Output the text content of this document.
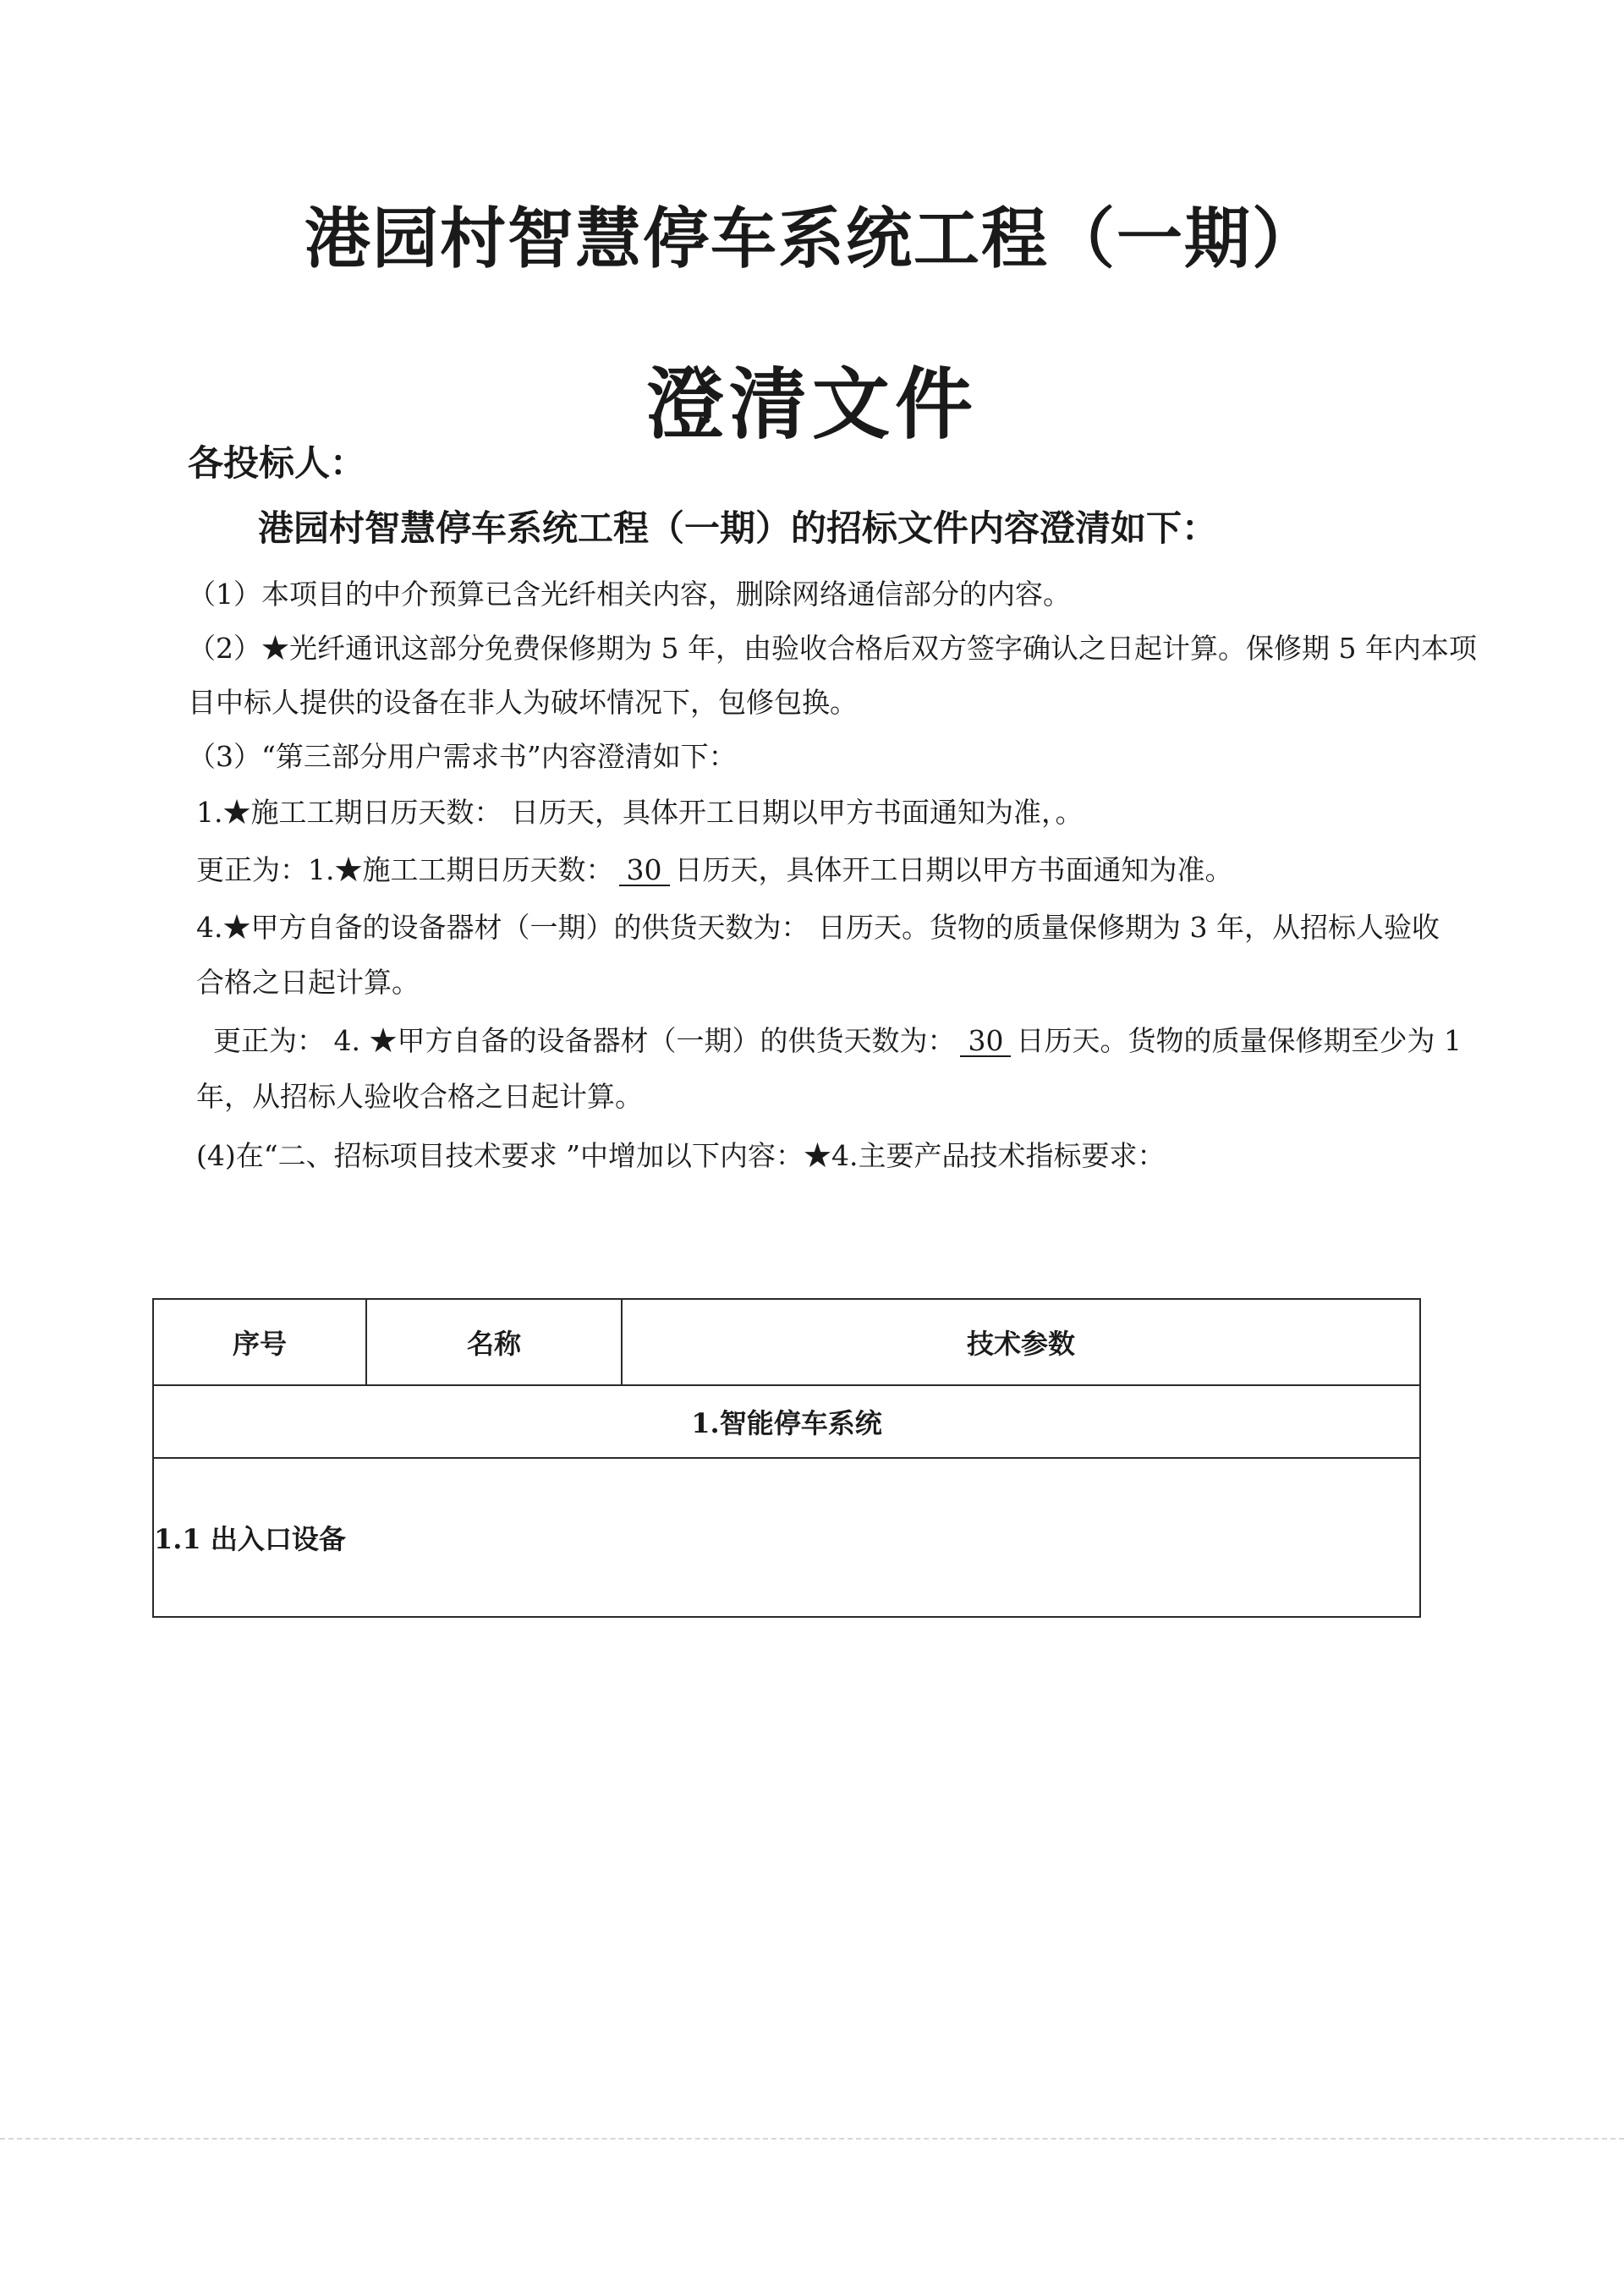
港园村智慧停车系统工程（一期）
澄清文件
各投标人：
港园村智慧停车系统工程（一期）的招标文件内容澄清如下：
（1）本项目的中介预算已含光纤相关内容，删除网络通信部分的内容。
（2）★光纤通讯这部分免费保修期为 5 年，由验收合格后双方签字确认之日起计算。保修期 5 年内本项
目中标人提供的设备在非人为破坏情况下，包修包换。
（3）“第三部分用户需求书”内容澄清如下：
1.★施工工期日历天数： 日历天，具体开工日期以甲方书面通知为准，。
更正为：1.★施工工期日历天数： 30 日历天，具体开工日期以甲方书面通知为准。
4.★甲方自备的设备器材（一期）的供货天数为： 日历天。货物的质量保修期为 3 年，从招标人验收
合格之日起计算。
更正为： 4. ★甲方自备的设备器材（一期）的供货天数为： 30 日历天。货物的质量保修期至少为 1
年，从招标人验收合格之日起计算。
(4)在“二、招标项目技术要求 ”中增加以下内容：★4.主要产品技术指标要求：
序号	名称	技术参数
1.智能停车系统
1.1 出入口设备
